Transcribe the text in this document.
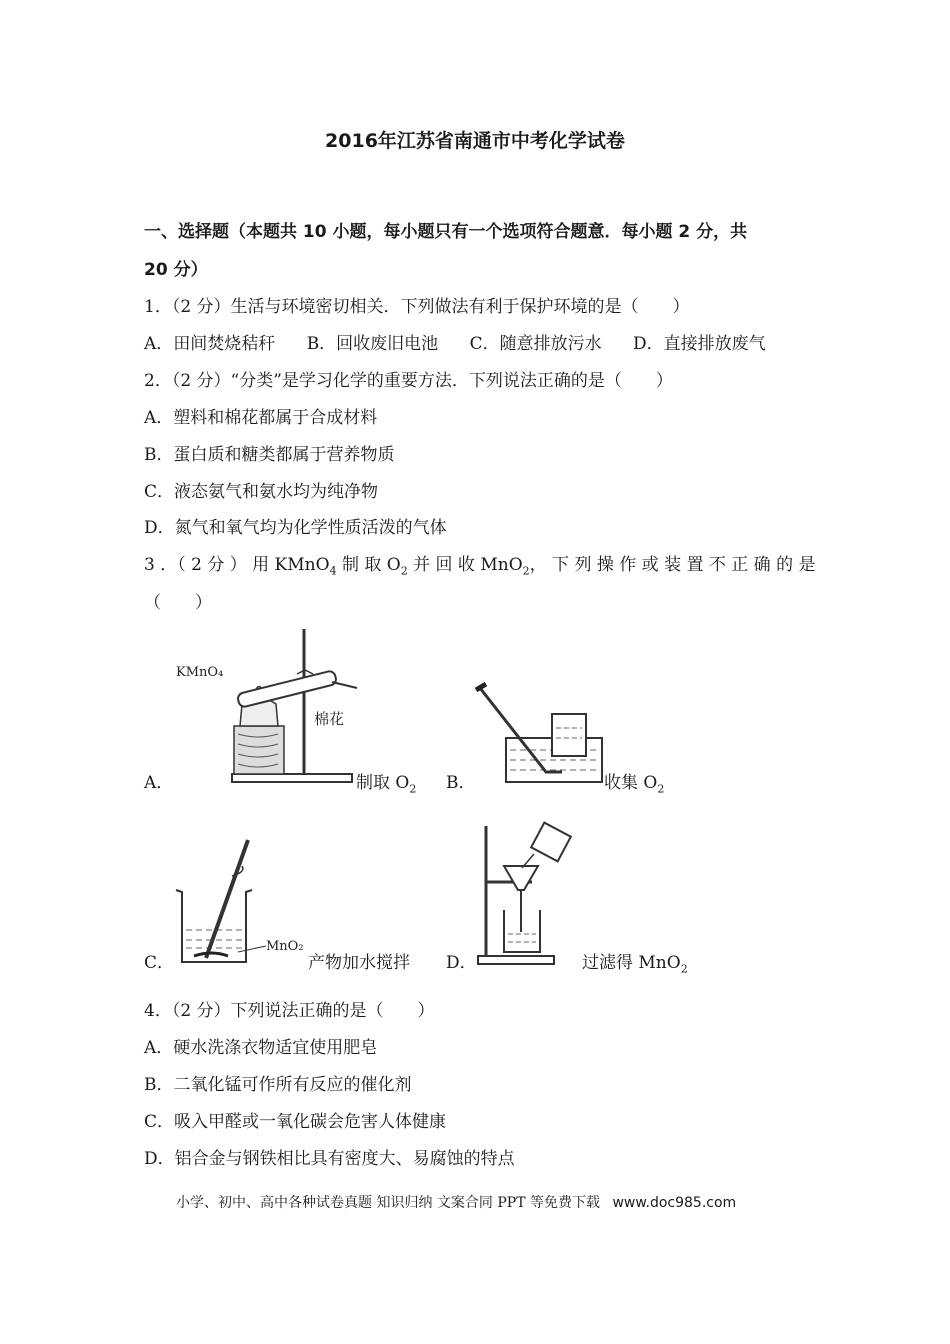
2016年江苏省南通市中考化学试卷
一、选择题（本题共 10 小题，每小题只有一个选项符合题意．每小题 2 分，共
20 分）
1．（2 分）生活与环境密切相关．下列做法有利于保护环境的是（　　）
A．田间焚烧秸秆 B．回收废旧电池 C．随意排放污水 D．直接排放废气
2．（2 分）“分类”是学习化学的重要方法．下列说法正确的是（　　）
A．塑料和棉花都属于合成材料
B．蛋白质和糖类都属于营养物质
C．液态氨气和氨水均为纯净物
D．氮气和氧气均为化学性质活泼的气体
3 ．（ 2 分 ） 用 KMnO$_4$ 制 取 $O_2$ 并 回 收 MnO$_2$， 下 列 操 作 或 装 置 不 正 确 的 是
（　　）
A．
KMnO₄
棉花
制取 $O_2$ B．	收集 $O_2$
C．
MnO₂
产物加水搅拌 D．	过滤得 MnO$_2$
4．（2 分）下列说法正确的是（　　）
A．硬水洗涤衣物适宜使用肥皂
B．二氧化锰可作所有反应的催化剂
C．吸入甲醛或一氧化碳会危害人体健康
D．铝合金与钢铁相比具有密度大、易腐蚀的特点
小学、初中、高中各种试卷真题 知识归纳 文案合同 PPT 等免费下载 www.doc985.com
